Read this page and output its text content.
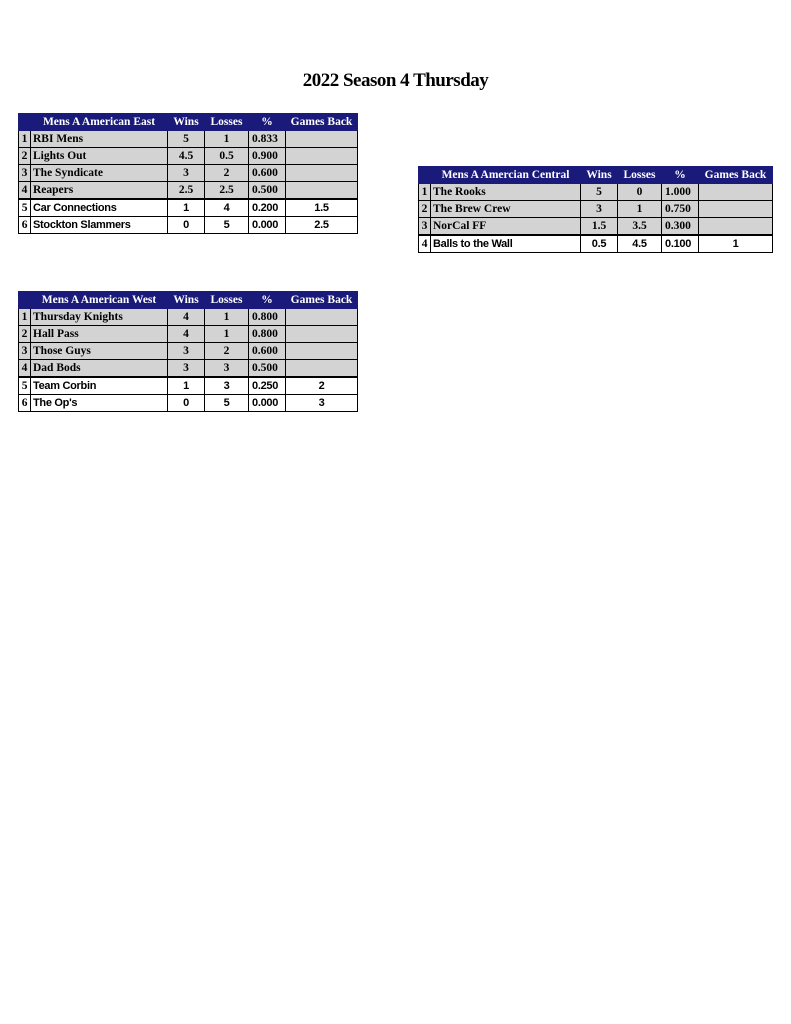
2022 Season 4 Thursday
	Mens A American East	Wins	Losses	%	Games Back
1	RBI Mens	5	1	0.833	
2	Lights Out	4.5	0.5	0.900	
3	The Syndicate	3	2	0.600	
4	Reapers	2.5	2.5	0.500	
5	Car Connections	1	4	0.200	1.5
6	Stockton Slammers	0	5	0.000	2.5
	Mens A Amercian Central	Wins	Losses	%	Games Back
1	The Rooks	5	0	1.000	
2	The Brew Crew	3	1	0.750	
3	NorCal FF	1.5	3.5	0.300	
4	Balls to the Wall	0.5	4.5	0.100	1
	Mens A American West	Wins	Losses	%	Games Back
1	Thursday Knights	4	1	0.800	
2	Hall Pass	4	1	0.800	
3	Those Guys	3	2	0.600	
4	Dad Bods	3	3	0.500	
5	Team Corbin	1	3	0.250	2
6	The Op's	0	5	0.000	3
